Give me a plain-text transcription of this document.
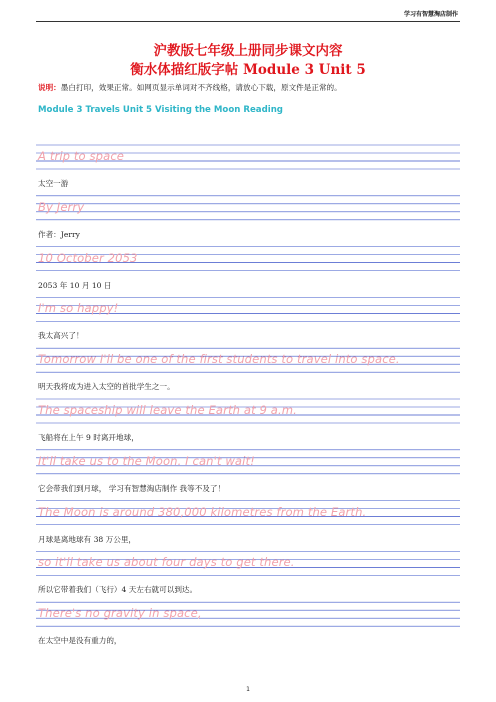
学习有智慧淘店制作
沪教版七年级上册同步课文内容
衡水体描红版字帖 Module 3 Unit 5
说明：墨白打印，效果正常。如网页显示单词对不齐线格，请放心下载，原文件是正常的。
Module 3 Travels Unit 5 Visiting the Moon Reading
A trip to space
太空一游
By Jerry
作者：Jerry
10 October 2053
2053 年 10 月 10 日
I'm so happy!
我太高兴了！
Tomorrow I'll be one of the first students to travel into space.
明天我将成为进入太空的首批学生之一。
The spaceship will leave the Earth at 9 a.m.
飞船将在上午 9 时离开地球，
It'll take us to the Moon. I can't wait!
它会带我们到月球， 学习有智慧淘店制作 我等不及了！
The Moon is around 380,000 kilometres from the Earth.
月球是离地球有 38 万公里，
so it'll take us about four days to get there.
所以它带着我们（飞行）4 天左右就可以到达。
There's no gravity in space,
在太空中是没有重力的，
1
